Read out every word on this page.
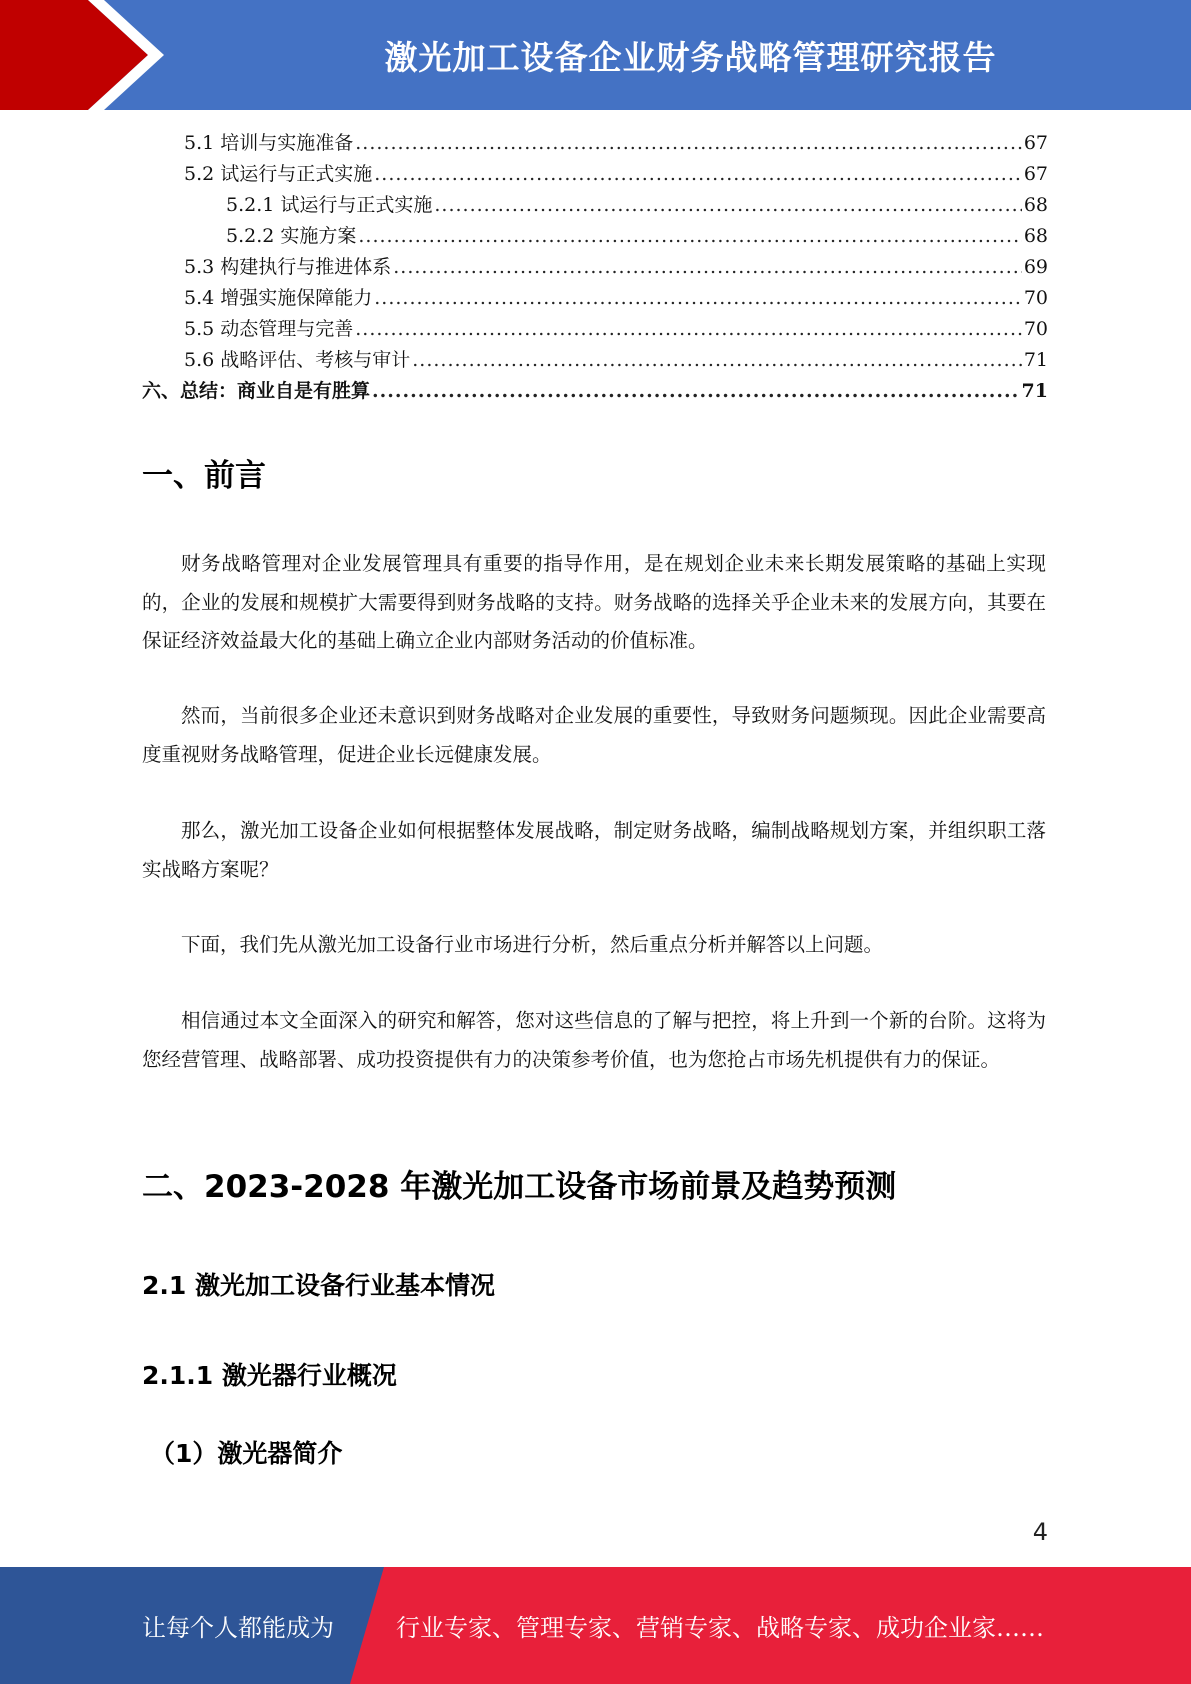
激光加工设备企业财务战略管理研究报告
5.1 培训与实施准备 .....	67
5.2 试运行与正式实施 .....	67
5.2.1 试运行与正式实施 .....	68
5.2.2 实施方案 .....	68
5.3 构建执行与推进体系 .....	69
5.4 增强实施保障能力 .....	70
5.5 动态管理与完善 .....	70
5.6 战略评估、考核与审计 .....	71
六、总结：商业自是有胜算 .....	71
一、前言

财务战略管理对企业发展管理具有重要的指导作用，是在规划企业未来长期发展策略的基础上实现的，企业的发展和规模扩大需要得到财务战略的支持。财务战略的选择关乎企业未来的发展方向，其要在保证经济效益最大化的基础上确立企业内部财务活动的价值标准。

然而，当前很多企业还未意识到财务战略对企业发展的重要性，导致财务问题频现。因此企业需要高度重视财务战略管理，促进企业长远健康发展。

那么，激光加工设备企业如何根据整体发展战略，制定财务战略，编制战略规划方案，并组织职工落实战略方案呢？

下面，我们先从激光加工设备行业市场进行分析，然后重点分析并解答以上问题。

相信通过本文全面深入的研究和解答，您对这些信息的了解与把控，将上升到一个新的台阶。这将为您经营管理、战略部署、成功投资提供有力的决策参考价值，也为您抢占市场先机提供有力的保证。

二、2023-2028 年激光加工设备市场前景及趋势预测
2.1 激光加工设备行业基本情况
2.1.1 激光器行业概况
（1）激光器简介
4
让每个人都能成为	行业专家、管理专家、营销专家、战略专家、成功企业家……
